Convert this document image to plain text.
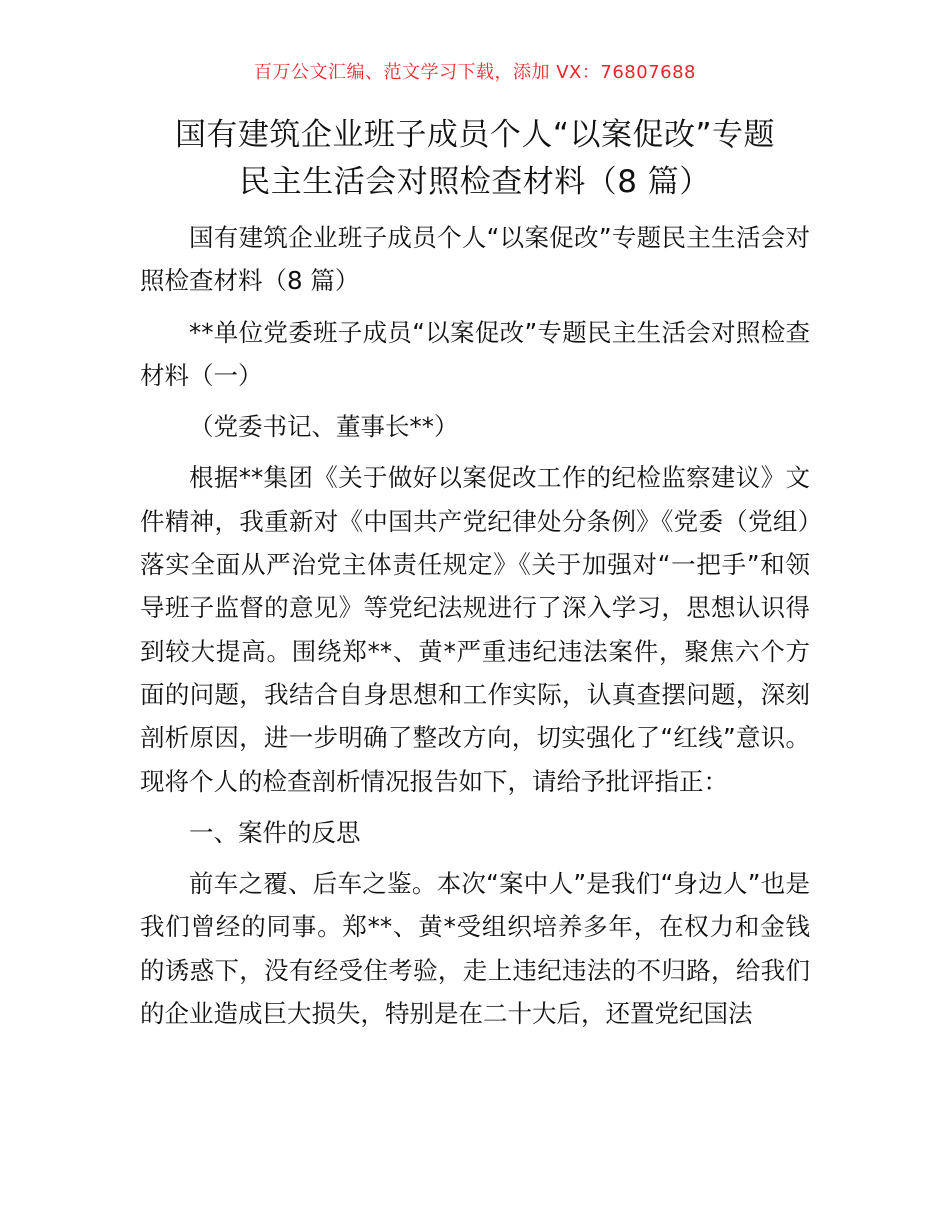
百万公文汇编、范文学习下载，添加 VX：76807688
国有建筑企业班子成员个人“以案促改”专题
民主生活会对照检查材料（8 篇）

国有建筑企业班子成员个人“以案促改”专题民主生活会对照检查材料（8 篇）

**单位党委班子成员“以案促改”专题民主生活会对照检查材料（一）

（党委书记、董事长**）

根据**集团《关于做好以案促改工作的纪检监察建议》文件精神，我重新对《中国共产党纪律处分条例》《党委（党组）落实全面从严治党主体责任规定》《关于加强对“一把手”和领导班子监督的意见》等党纪法规进行了深入学习，思想认识得到较大提高。围绕郑**、黄*严重违纪违法案件，聚焦六个方面的问题，我结合自身思想和工作实际，认真查摆问题，深刻剖析原因，进一步明确了整改方向，切实强化了“红线”意识。现将个人的检查剖析情况报告如下，请给予批评指正：

一、案件的反思

前车之覆、后车之鉴。本次“案中人”是我们“身边人”也是我们曾经的同事。郑**、黄*受组织培养多年，在权力和金钱的诱惑下，没有经受住考验，走上违纪违法的不归路，给我们的企业造成巨大损失，特别是在二十大后，还置党纪国法
